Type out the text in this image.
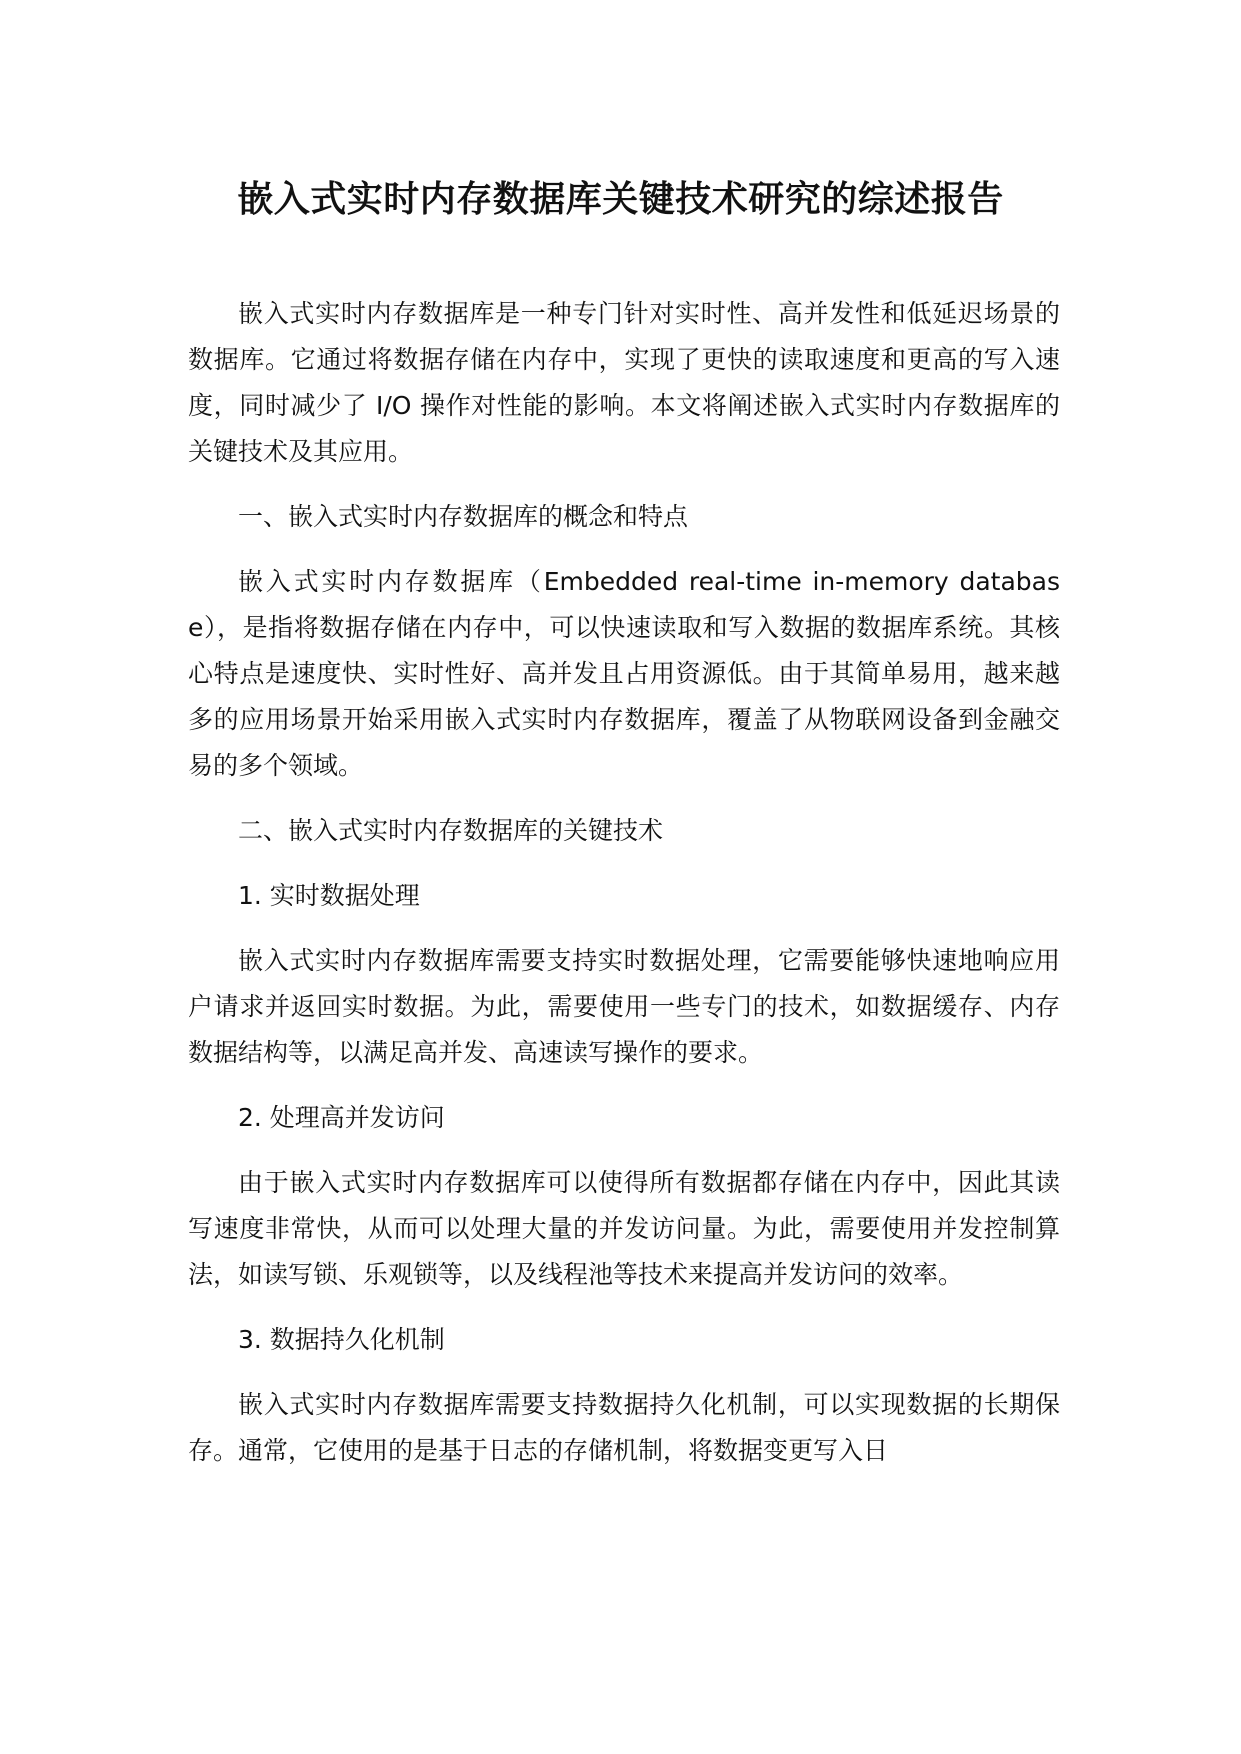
嵌入式实时内存数据库关键技术研究的综述报告

嵌入式实时内存数据库是一种专门针对实时性、高并发性和低延迟场景的数据库。它通过将数据存储在内存中，实现了更快的读取速度和更高的写入速度，同时减少了 I/O 操作对性能的影响。本文将阐述嵌入式实时内存数据库的关键技术及其应用。

一、嵌入式实时内存数据库的概念和特点

嵌入式实时内存数据库（Embedded real-time in-memory database），是指将数据存储在内存中，可以快速读取和写入数据的数据库系统。其核心特点是速度快、实时性好、高并发且占用资源低。由于其简单易用，越来越多的应用场景开始采用嵌入式实时内存数据库，覆盖了从物联网设备到金融交易的多个领域。

二、嵌入式实时内存数据库的关键技术

1. 实时数据处理

嵌入式实时内存数据库需要支持实时数据处理，它需要能够快速地响应用户请求并返回实时数据。为此，需要使用一些专门的技术，如数据缓存、内存数据结构等，以满足高并发、高速读写操作的要求。

2. 处理高并发访问

由于嵌入式实时内存数据库可以使得所有数据都存储在内存中，因此其读写速度非常快，从而可以处理大量的并发访问量。为此，需要使用并发控制算法，如读写锁、乐观锁等，以及线程池等技术来提高并发访问的效率。

3. 数据持久化机制

嵌入式实时内存数据库需要支持数据持久化机制，可以实现数据的长期保存。通常，它使用的是基于日志的存储机制，将数据变更写入日
